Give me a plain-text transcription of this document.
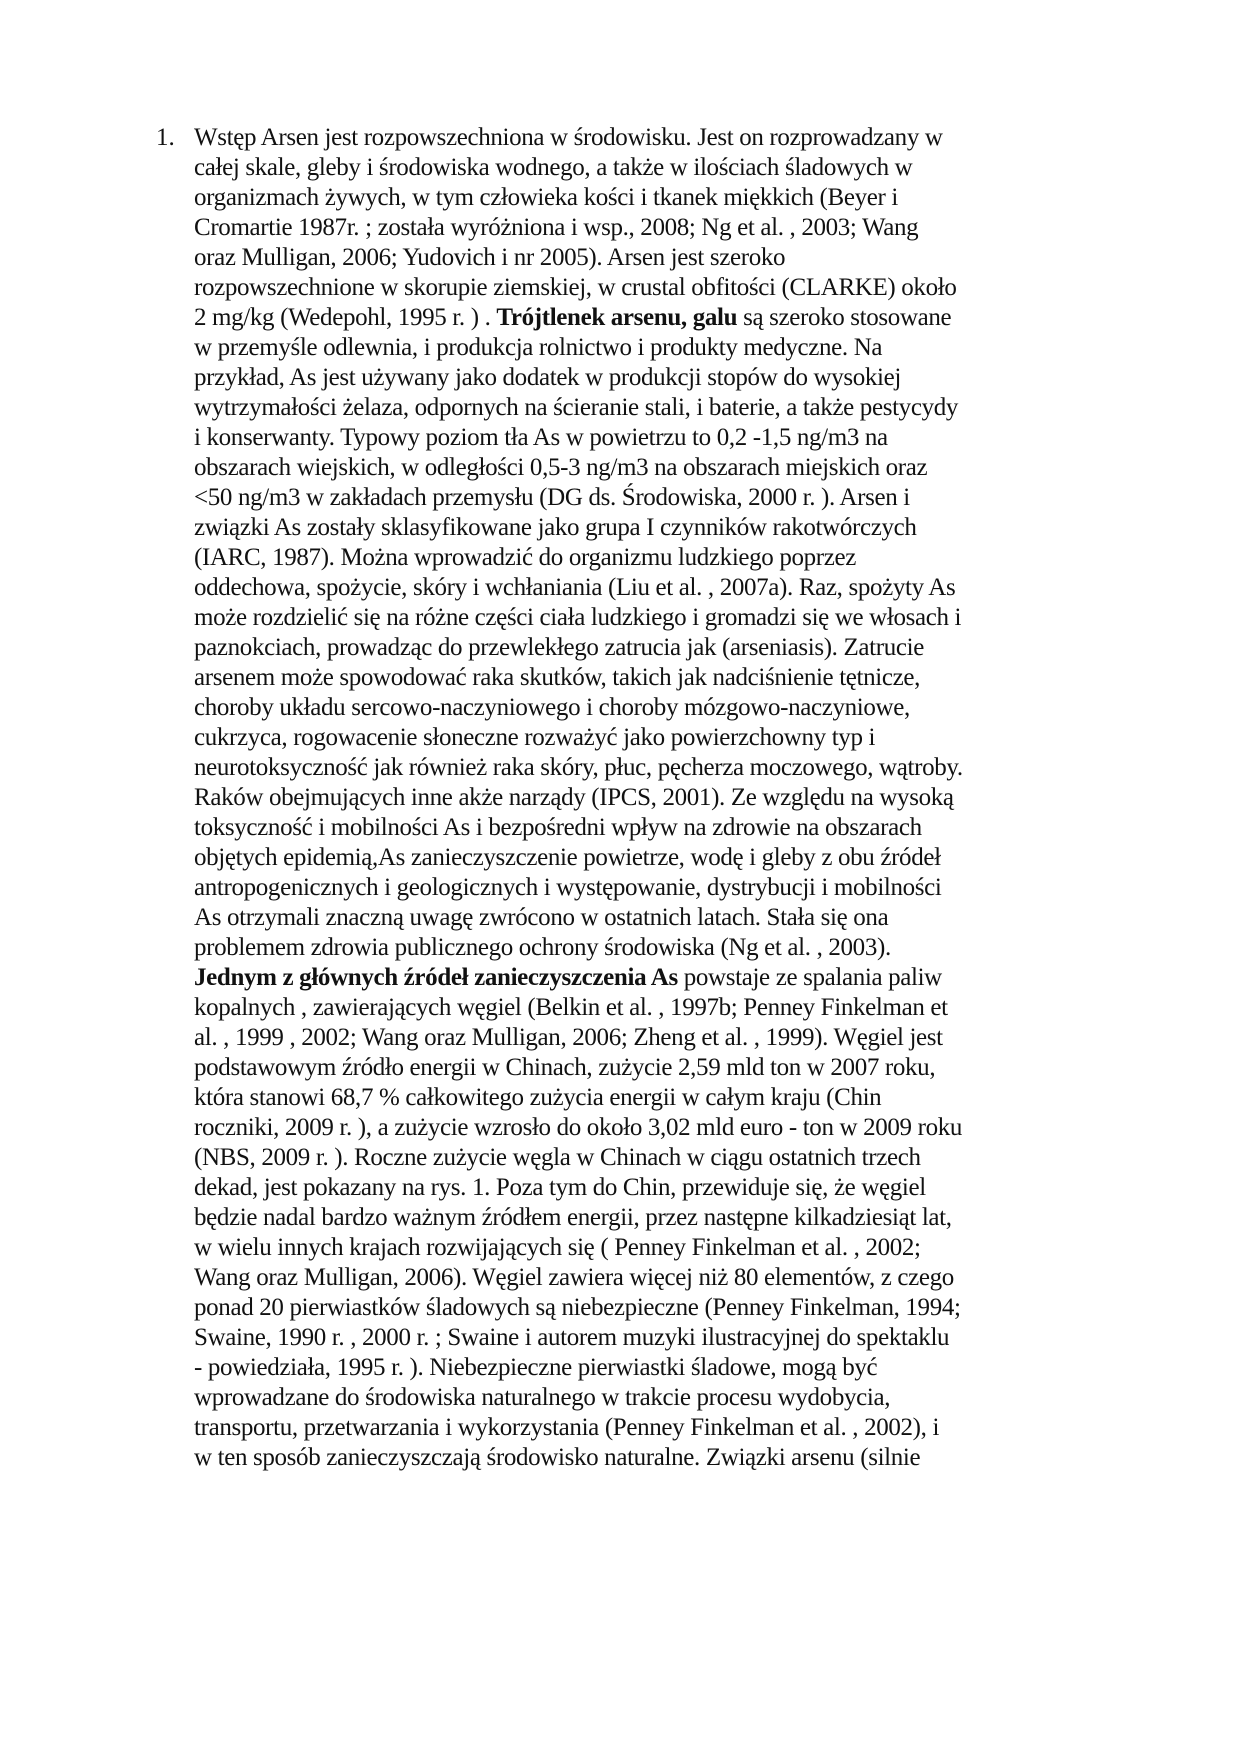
1. Wstęp Arsen jest rozpowszechniona w środowisku. Jest on rozprowadzany w
całej skale, gleby i środowiska wodnego, a także w ilościach śladowych w
organizmach żywych, w tym człowieka kości i tkanek miękkich (Beyer i
Cromartie 1987r. ; została wyróżniona i wsp., 2008; Ng et al. , 2003; Wang
oraz Mulligan, 2006; Yudovich i nr 2005). Arsen jest szeroko
rozpowszechnione w skorupie ziemskiej, w crustal obfitości (CLARKE) około
2 mg/kg (Wedepohl, 1995 r. ) . Trójtlenek arsenu, galu są szeroko stosowane
w przemyśle odlewnia, i produkcja rolnictwo i produkty medyczne. Na
przykład, As jest używany jako dodatek w produkcji stopów do wysokiej
wytrzymałości żelaza, odpornych na ścieranie stali, i baterie, a także pestycydy
i konserwanty. Typowy poziom tła As w powietrzu to 0,2 -1,5 ng/m3 na
obszarach wiejskich, w odległości 0,5-3 ng/m3 na obszarach miejskich oraz
<50 ng/m3 w zakładach przemysłu (DG ds. Środowiska, 2000 r. ). Arsen i
związki As zostały sklasyfikowane jako grupa I czynników rakotwórczych
(IARC, 1987). Można wprowadzić do organizmu ludzkiego poprzez
oddechowa, spożycie, skóry i wchłaniania (Liu et al. , 2007a). Raz, spożyty As
może rozdzielić się na różne części ciała ludzkiego i gromadzi się we włosach i
paznokciach, prowadząc do przewlekłego zatrucia jak (arseniasis). Zatrucie
arsenem może spowodować raka skutków, takich jak nadciśnienie tętnicze,
choroby układu sercowo-naczyniowego i choroby mózgowo-naczyniowe,
cukrzyca, rogowacenie słoneczne rozważyć jako powierzchowny typ i
neurotoksyczność jak również raka skóry, płuc, pęcherza moczowego, wątroby.
Raków obejmujących inne akże narządy (IPCS, 2001). Ze względu na wysoką
toksyczność i mobilności As i bezpośredni wpływ na zdrowie na obszarach
objętych epidemią,As zanieczyszczenie powietrze, wodę i gleby z obu źródeł
antropogenicznych i geologicznych i występowanie, dystrybucji i mobilności
As otrzymali znaczną uwagę zwrócono w ostatnich latach. Stała się ona
problemem zdrowia publicznego ochrony środowiska (Ng et al. , 2003).
Jednym z głównych źródeł zanieczyszczenia As powstaje ze spalania paliw
kopalnych , zawierających węgiel (Belkin et al. , 1997b; Penney Finkelman et
al. , 1999 , 2002; Wang oraz Mulligan, 2006; Zheng et al. , 1999). Węgiel jest
podstawowym źródło energii w Chinach, zużycie 2,59 mld ton w 2007 roku,
która stanowi 68,7 % całkowitego zużycia energii w całym kraju (Chin
roczniki, 2009 r. ), a zużycie wzrosło do około 3,02 mld euro - ton w 2009 roku
(NBS, 2009 r. ). Roczne zużycie węgla w Chinach w ciągu ostatnich trzech
dekad, jest pokazany na rys. 1. Poza tym do Chin, przewiduje się, że węgiel
będzie nadal bardzo ważnym źródłem energii, przez następne kilkadziesiąt lat,
w wielu innych krajach rozwijających się ( Penney Finkelman et al. , 2002;
Wang oraz Mulligan, 2006). Węgiel zawiera więcej niż 80 elementów, z czego
ponad 20 pierwiastków śladowych są niebezpieczne (Penney Finkelman, 1994;
Swaine, 1990 r. , 2000 r. ; Swaine i autorem muzyki ilustracyjnej do spektaklu
- powiedziała, 1995 r. ). Niebezpieczne pierwiastki śladowe, mogą być
wprowadzane do środowiska naturalnego w trakcie procesu wydobycia,
transportu, przetwarzania i wykorzystania (Penney Finkelman et al. , 2002), i
w ten sposób zanieczyszczają środowisko naturalne. Związki arsenu (silnie
